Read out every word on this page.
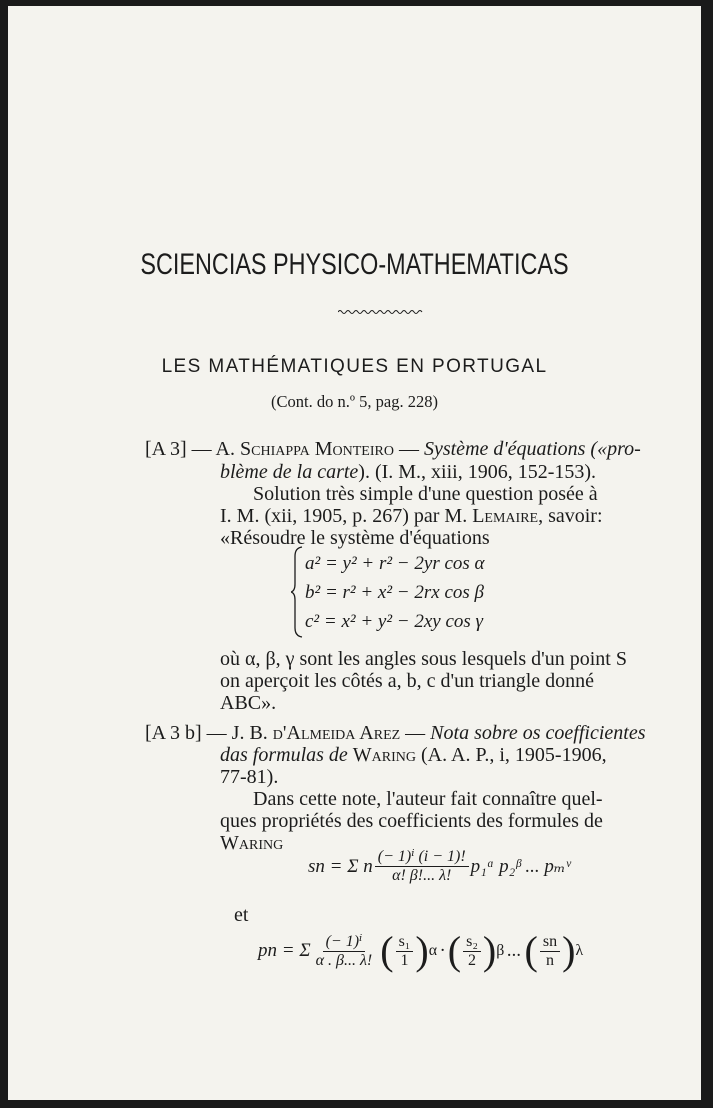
SCIENCIAS PHYSICO-MATHEMATICAS
LES MATHÉMATIQUES EN PORTUGAL
(Cont. do n.º 5, pag. 228)
[A 3] — A. Schiappa Monteiro — Système d'équations («pro-
blème de la carte). (I. M., xiii, 1906, 152-153).
Solution très simple d'une question posée à
I. M. (xii, 1905, p. 267) par M. Lemaire, savoir:
«Résoudre le système d'équations
a² = y² + r² − 2yr cos α
b² = r² + x² − 2rx cos β
c² = x² + y² − 2xy cos γ
où α, β, γ sont les angles sous lesquels d'un point S
on aperçoit les côtés a, b, c d'un triangle donné
ABC».
[A 3 b] — J. B. d'Almeida Arez — Nota sobre os coefficientes
das formulas de Waring (A. A. P., i, 1905-1906,
77-81).
Dans cette note, l'auteur fait connaître quel-
ques propriétés des coefficients des formules de
Waring
sn = Σ n $\frac{\text{(− 1)ⁱ (i − 1)!}}{\alpha! \beta!... \lambda!}$ p₁ᵅ p₂ᵝ ... pₘᵛ
et
pn = Σ $\frac{\text{(− 1)ⁱ}}{\alpha . \beta... \lambda!}$ ( $\frac{\text{s₁}}{1}$ ) α · ( $\frac{\text{s₂}}{2}$ ) β ... ( $\frac{sn}{n}$ ) λ
